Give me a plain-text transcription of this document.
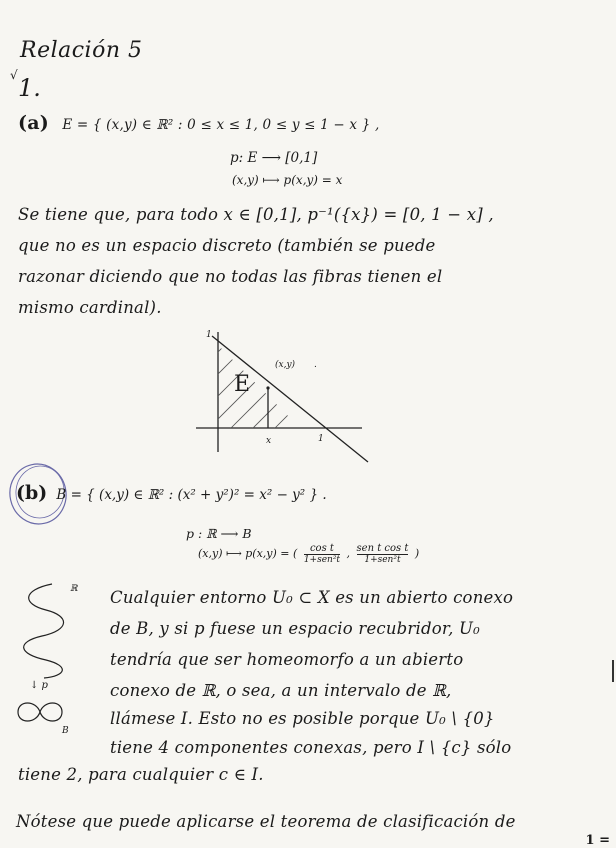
Relación 5
√ 1.
(a) E = { (x,y) ∈ ℝ² : 0 ≤ x ≤ 1, 0 ≤ y ≤ 1 − x } ,
p: E ⟶ [0,1]
(x,y) ⟼ p(x,y) = x
Se tiene que, para todo x ∈ [0,1], p⁻¹({x}) = [0, 1 − x] ,
que no es un espacio discreto (también se puede
razonar diciendo que no todas las fibras tienen el
mismo cardinal).
1
E
(x,y) .
x	1
(b) B = { (x,y) ∈ ℝ² : (x² + y²)² = x² − y² } .
p : ℝ ⟶ B
(x,y) ⟼ p(x,y) = (	cos t
1+sen²t , sen t cos t
1+sen²t	)
ℝ
↓ p
B
Cualquier entorno U₀ ⊂ X es un abierto conexo
de B, y si p fuese un espacio recubridor, U₀
tendría que ser homeomorfo a un abierto
conexo de ℝ, o sea, a un intervalo de ℝ,
llámese I. Esto no es posible porque U₀ \ {0}
tiene 4 componentes conexas, pero I \ {c} sólo
tiene 2, para cualquier c ∈ I.
Nótese que puede aplicarse el teorema de clasificación de
1 =
